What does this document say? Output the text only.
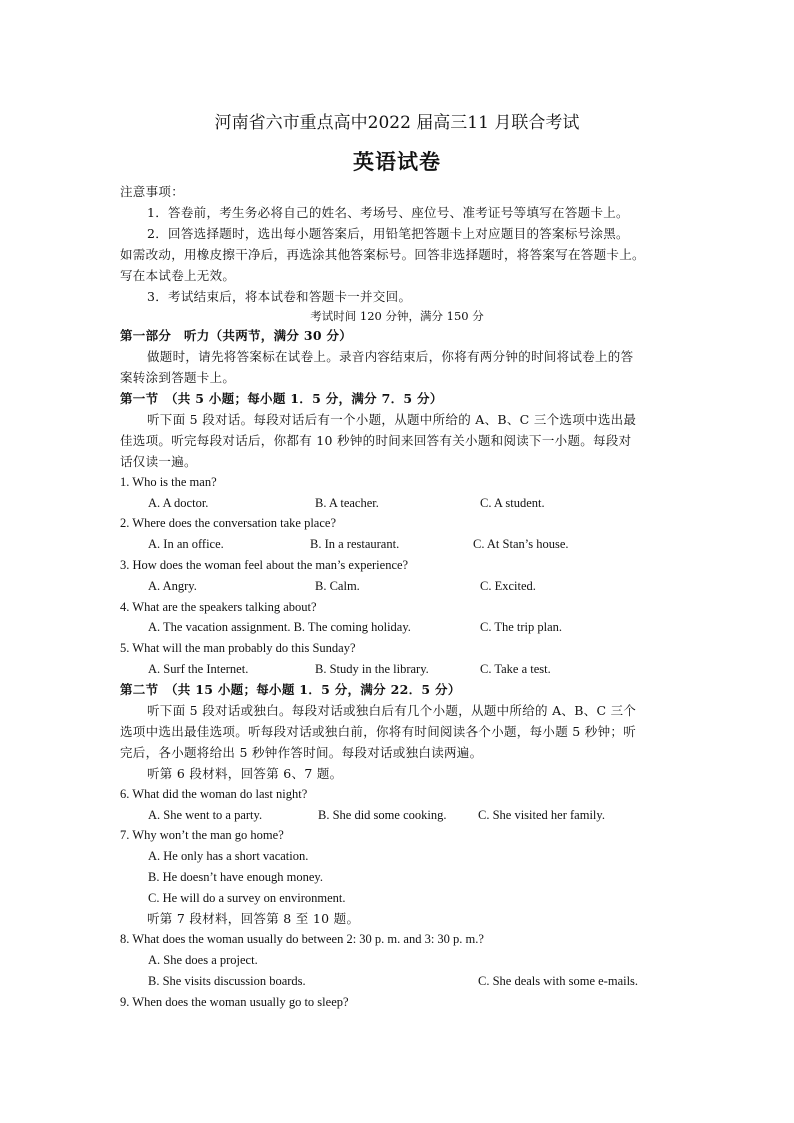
河南省六市重点高中2022 届高三11 月联合考试
英语试卷
注意事项：
1．答卷前，考生务必将自己的姓名、考场号、座位号、准考证号等填写在答题卡上。
2．回答选择题时，选出每小题答案后，用铅笔把答题卡上对应题目的答案标号涂黑。
如需改动，用橡皮擦干净后，再选涂其他答案标号。回答非选择题时，将答案写在答题卡上。
写在本试卷上无效。
3．考试结束后，将本试卷和答题卡一并交回。
考试时间 120 分钟，满分 150 分
第一部分　听力（共两节，满分 30 分）
做题时，请先将答案标在试卷上。录音内容结束后，你将有两分钟的时间将试卷上的答
案转涂到答题卡上。
第一节　（共 5 小题；每小题 1．5 分，满分 7．5 分）
听下面 5 段对话。每段对话后有一个小题，从题中所给的 A、B、C 三个选项中选出最
佳选项。听完每段对话后，你都有 10 秒钟的时间来回答有关小题和阅读下一小题。每段对
话仅读一遍。
1. Who is the man?
A. A doctor.	B. A teacher.	C. A student.
2. Where does the conversation take place?
A. In an office.	B. In a restaurant.	C. At Stan’s house.
3. How does the woman feel about the man’s experience?
A. Angry.	B. Calm.	C. Excited.
4. What are the speakers talking about?
A. The vacation assignment. B. The coming holiday.	C. The trip plan.
5. What will the man probably do this Sunday?
A. Surf the Internet.	B. Study in the library.	C. Take a test.
第二节　（共 15 小题；每小题 1．5 分，满分 22．5 分）
听下面 5 段对话或独白。每段对话或独白后有几个小题，从题中所给的 A、B、C 三个
选项中选出最佳选项。听每段对话或独白前，你将有时间阅读各个小题，每小题 5 秒钟；听
完后，各小题将给出 5 秒钟作答时间。每段对话或独白读两遍。
听第 6 段材料，回答第 6、7 题。
6. What did the woman do last night?
A. She went to a party.	B. She did some cooking.	C. She visited her family.
7. Why won’t the man go home?
A. He only has a short vacation.
B. He doesn’t have enough money.
C. He will do a survey on environment.
听第 7 段材料，回答第 8 至 10 题。
8. What does the woman usually do between 2: 30 p. m. and 3: 30 p. m.?
A. She does a project.
B. She visits discussion boards.	C. She deals with some e-mails.
9. When does the woman usually go to sleep?
